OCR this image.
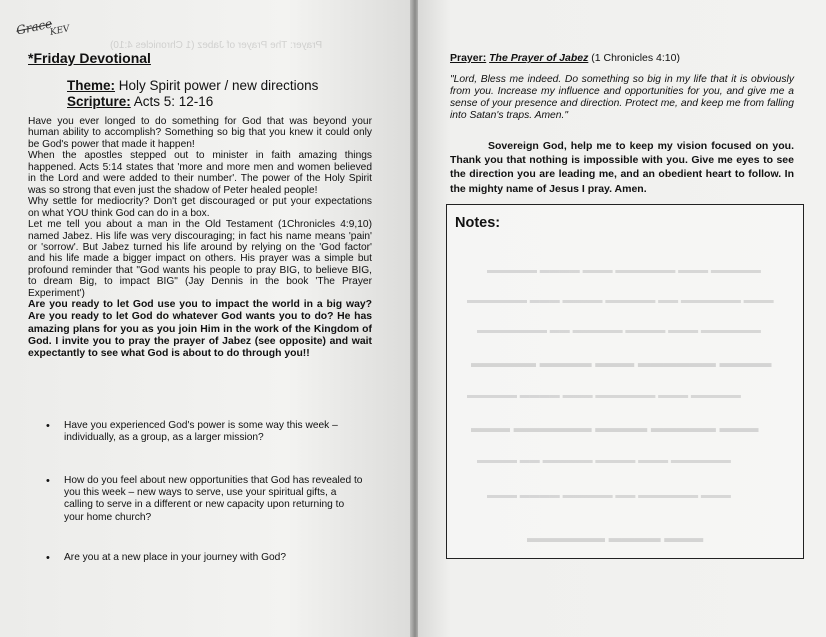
Grace
KEV
Prayer: The Prayer of Jabez (1 Chronicles 4:10)
*Friday Devotional
Theme: Holy Spirit power / new directions
Scripture: Acts 5: 12-16

Have you ever longed to do something for God that was beyond your human ability to accomplish? Something so big that you knew it could only be God's power that made it happen!

When the apostles stepped out to minister in faith amazing things happened. Acts 5:14 states that 'more and more men and women believed in the Lord and were added to their number'. The power of the Holy Spirit was so strong that even just the shadow of Peter healed people!

Why settle for mediocrity? Don't get discouraged or put your expectations on what YOU think God can do in a box.

Let me tell you about a man in the Old Testament (1Chronicles 4:9,10) named Jabez. His life was very discouraging; in fact his name means 'pain' or 'sorrow'. But Jabez turned his life around by relying on the 'God factor' and his life made a bigger impact on others. His prayer was a simple but profound reminder that "God wants his people to pray BIG, to believe BIG, to dream Big, to impact BIG" (Jay Dennis in the book 'The Prayer Experiment')

Are you ready to let God use you to impact the world in a big way? Are you ready to let God do whatever God wants you to do? He has amazing plans for you as you join Him in the work of the Kingdom of God. I invite you to pray the prayer of Jabez (see opposite) and wait expectantly to see what God is about to do through you!!

• Have you experienced God's power is some way this week – individually, as a group, as a larger mission?
• How do you feel about new opportunities that God has revealed to you this week – new ways to serve, use your spiritual gifts, a calling to serve in a different or new capacity upon returning to your home church?
• Are you at a new place in your journey with God?
Prayer: The Prayer of Jabez (1 Chronicles 4:10)
"Lord, Bless me indeed. Do something so big in my life that it is obviously from you. Increase my influence and opportunities for you, and give me a sense of your presence and direction. Protect me, and keep me from falling into Satan's traps. Amen."
Sovereign God, help me to keep my vision focused on you. Thank you that nothing is impossible with you. Give me eyes to see the direction you are leading me, and an obedient heart to follow. In the mighty name of Jesus I pray. Amen.
Notes:
▬▬▬▬▬ ▬▬▬ ▬▬▬▬▬▬ ▬▬▬ ▬▬▬▬ ▬▬▬▬▬
▬▬▬ ▬▬▬▬▬▬ ▬▬ ▬▬▬▬▬ ▬▬▬▬ ▬▬▬ ▬▬▬▬▬▬
▬▬▬▬▬▬ ▬▬▬ ▬▬▬▬ ▬▬▬▬▬ ▬▬ ▬▬▬▬▬▬▬
▬▬▬▬ ▬▬▬▬▬▬ ▬▬▬ ▬▬▬▬ ▬▬▬▬▬
▬▬▬▬▬ ▬▬▬ ▬▬▬▬▬▬ ▬▬▬ ▬▬▬▬ ▬▬▬▬▬
▬▬▬ ▬▬▬▬▬ ▬▬▬▬ ▬▬▬▬▬▬ ▬▬▬
▬▬▬▬▬▬ ▬▬▬ ▬▬▬▬ ▬▬▬▬▬ ▬▬ ▬▬▬▬
▬▬▬ ▬▬▬▬▬▬ ▬▬ ▬▬▬▬▬ ▬▬▬▬ ▬▬▬
▬▬▬ ▬▬▬▬ ▬▬▬▬▬▬
